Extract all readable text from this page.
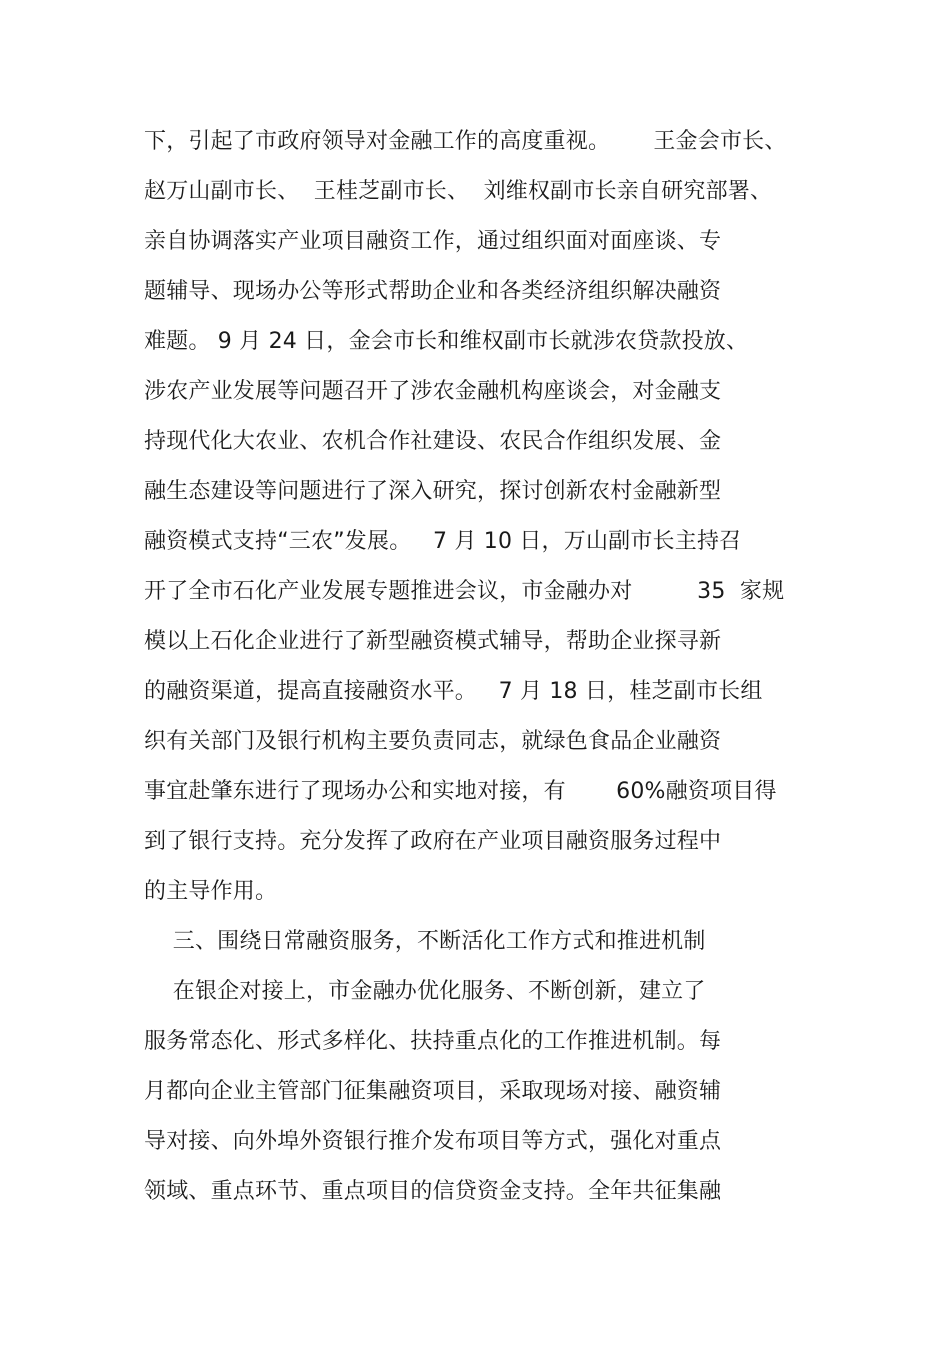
下，引起了市政府领导对金融工作的高度重视。      王金会市长、
赵万山副市长、  王桂芝副市长、  刘维权副市长亲自研究部署、
亲自协调落实产业项目融资工作，通过组织面对面座谈、专
题辅导、现场办公等形式帮助企业和各类经济组织解决融资
难题。 9 月 24 日，金会市长和维权副市长就涉农贷款投放、
涉农产业发展等问题召开了涉农金融机构座谈会，对金融支
持现代化大农业、农机合作社建设、农民合作组织发展、金
融生态建设等问题进行了深入研究，探讨创新农村金融新型
融资模式支持“三农”发展。   7 月 10 日，万山副市长主持召
开了全市石化产业发展专题推进会议，市金融办对         35  家规
模以上石化企业进行了新型融资模式辅导，帮助企业探寻新
的融资渠道，提高直接融资水平。   7 月 18 日，桂芝副市长组
织有关部门及银行机构主要负责同志，就绿色食品企业融资
事宜赴肇东进行了现场办公和实地对接，有       60%融资项目得
到了银行支持。充分发挥了政府在产业项目融资服务过程中
的主导作用。
三、围绕日常融资服务，不断活化工作方式和推进机制
在银企对接上，市金融办优化服务、不断创新，建立了
服务常态化、形式多样化、扶持重点化的工作推进机制。每
月都向企业主管部门征集融资项目，采取现场对接、融资辅
导对接、向外埠外资银行推介发布项目等方式，强化对重点
领域、重点环节、重点项目的信贷资金支持。全年共征集融
